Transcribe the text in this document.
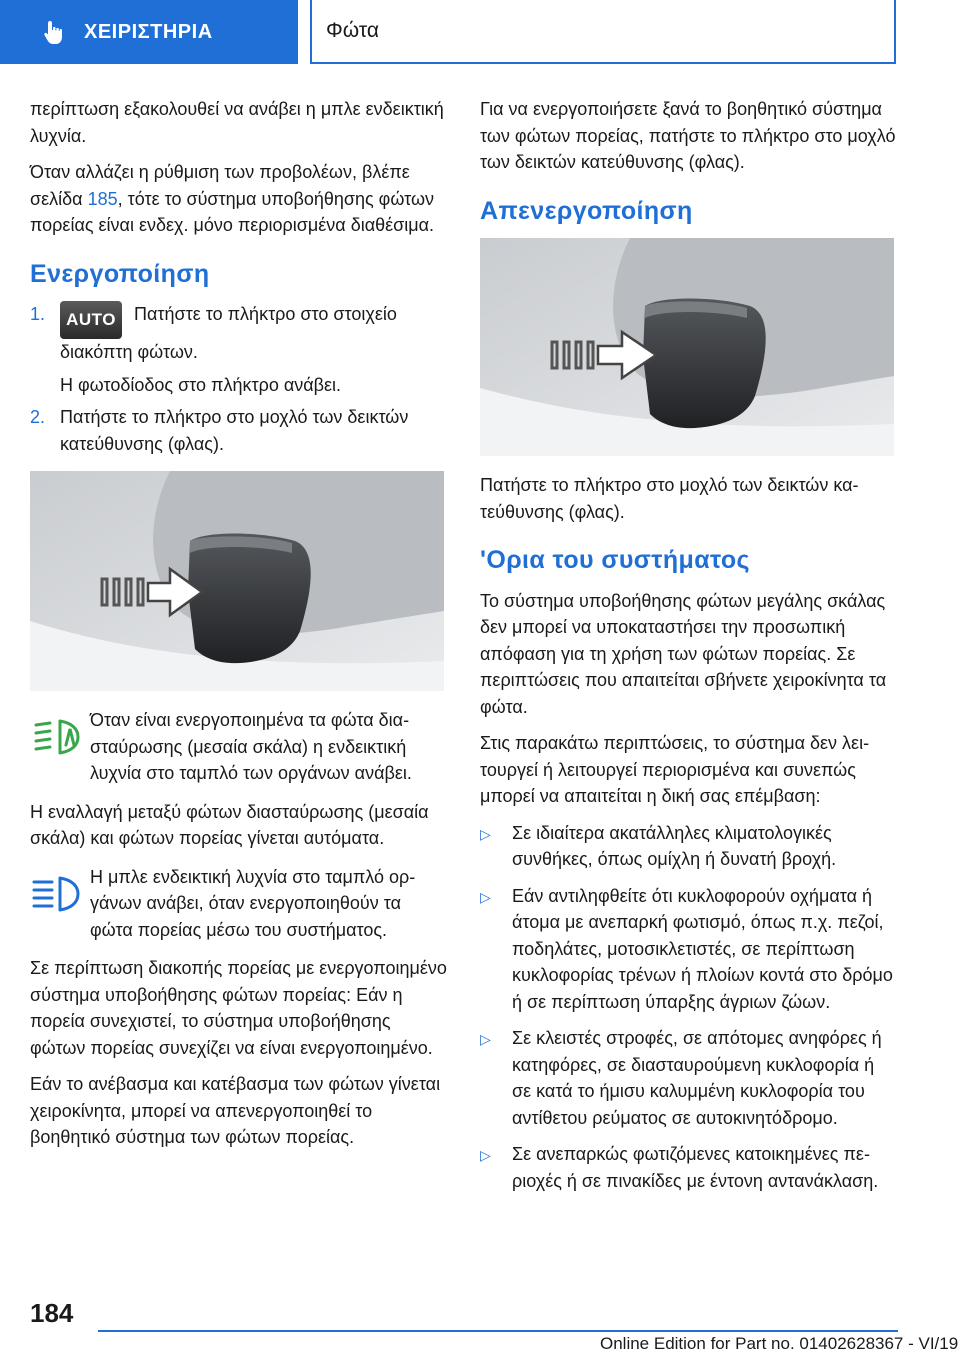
ΧΕΙΡΙΣΤΗΡΙΑ	Φώτα

περίπτωση εξακολουθεί να ανάβει η μπλε ενδεικτική λυχνία.

Όταν αλλάζει η ρύθμιση των προβολέων, βλέπε σελίδα 185, τότε το σύστημα υποβοήθησης φώτων πορείας είναι ενδεχ. μόνο περιορισμένα διαθέσιμα.

Ενεργοποίηση
1.	AUTO Πατήστε το πλήκτρο στο στοιχείο διακόπτη φώτων.
Η φωτοδίοδος στο πλήκτρο ανάβει.
2. Πατήστε το πλήκτρο στο μοχλό των δεικτών κατεύθυνσης (φλας).
Όταν είναι ενεργοποιημένα τα φώτα διασταύρωσης (μεσαία σκάλα) η ενδεικτική λυχνία στο ταμπλό των οργάνων ανάβει.

Η εναλλαγή μεταξύ φώτων διασταύρωσης (μεσαία σκάλα) και φώτων πορείας γίνεται αυτόματα.

Η μπλε ενδεικτική λυχνία στο ταμπλό οργάνων ανάβει, όταν ενεργοποιηθούν τα φώτα πορείας μέσω του συστήματος.

Σε περίπτωση διακοπής πορείας με ενεργοποιημένο σύστημα υποβοήθησης φώτων πορείας: Εάν η πορεία συνεχιστεί, το σύστημα υποβοήθησης φώτων πορείας συνεχίζει να είναι ενεργοποιημένο.

Εάν το ανέβασμα και κατέβασμα των φώτων γίνεται χειροκίνητα, μπορεί να απενεργοποιηθεί το βοηθητικό σύστημα των φώτων πορείας.

Για να ενεργοποιήσετε ξανά το βοηθητικό σύστημα των φώτων πορείας, πατήστε το πλήκτρο στο μοχλό των δεικτών κατεύθυνσης (φλας).

Απενεργοποίηση

Πατήστε το πλήκτρο στο μοχλό των δεικτών κατεύθυνσης (φλας).

'Ορια του συστήματος

Το σύστημα υποβοήθησης φώτων μεγάλης σκάλας δεν μπορεί να υποκαταστήσει την προσωπική απόφαση για τη χρήση των φώτων πορείας. Σε περιπτώσεις που απαιτείται σβήνετε χειροκίνητα τα φώτα.

Στις παρακάτω περιπτώσεις, το σύστημα δεν λειτουργεί ή λειτουργεί περιορισμένα και συνεπώς μπορεί να απαιτείται η δική σας επέμβαση:

▷	Σε ιδιαίτερα ακατάλληλες κλιματολογικές συνθήκες, όπως ομίχλη ή δυνατή βροχή.
▷	Εάν αντιληφθείτε ότι κυκλοφορούν οχήματα ή άτομα με ανεπαρκή φωτισμό, όπως π.χ. πεζοί, ποδηλάτες, μοτοσικλετιστές, σε περίπτωση κυκλοφορίας τρένων ή πλοίων κοντά στο δρόμο ή σε περίπτωση ύπαρξης άγριων ζώων.
▷	Σε κλειστές στροφές, σε απότομες ανηφόρες ή κατηφόρες, σε διασταυρούμενη κυκλοφορία ή σε κατά το ήμισυ καλυμμένη κυκλοφορία του αντίθετου ρεύματος σε αυτοκινητόδρομο.
▷	Σε ανεπαρκώς φωτιζόμενες κατοικημένες περιοχές ή σε πινακίδες με έντονη αντανάκλαση.
184
Online Edition for Part no. 01402628367 - VI/19
